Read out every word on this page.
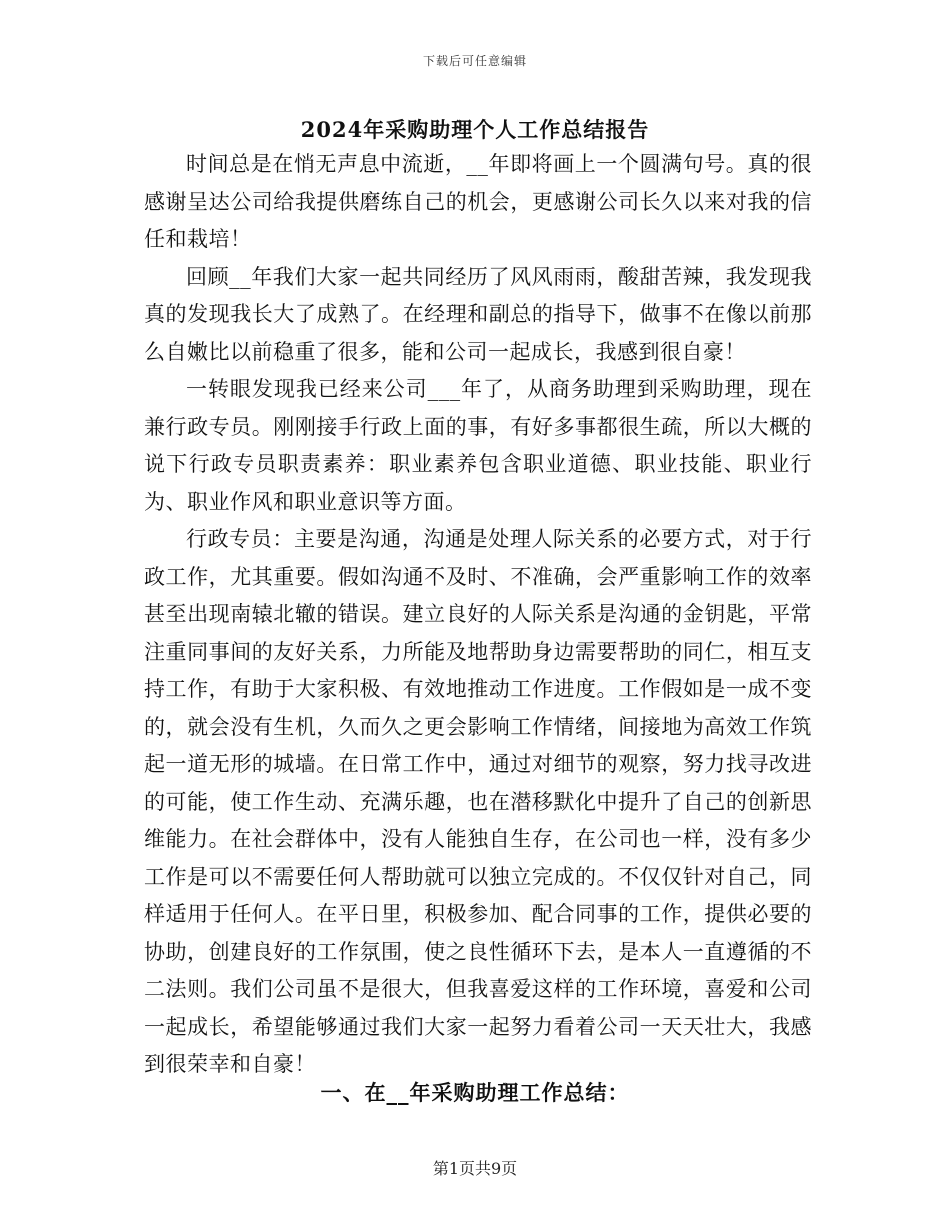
下载后可任意编辑
2024年采购助理个人工作总结报告

时间总是在悄无声息中流逝，__年即将画上一个圆满句号。真的很感谢呈达公司给我提供磨练自己的机会，更感谢公司长久以来对我的信任和栽培！

回顾__年我们大家一起共同经历了风风雨雨，酸甜苦辣，我发现我真的发现我长大了成熟了。在经理和副总的指导下，做事不在像以前那么自嫩比以前稳重了很多，能和公司一起成长，我感到很自豪！

一转眼发现我已经来公司___年了，从商务助理到采购助理，现在兼行政专员。刚刚接手行政上面的事，有好多事都很生疏，所以大概的说下行政专员职责素养：职业素养包含职业道德、职业技能、职业行为、职业作风和职业意识等方面。

行政专员：主要是沟通，沟通是处理人际关系的必要方式，对于行政工作，尤其重要。假如沟通不及时、不准确，会严重影响工作的效率甚至出现南辕北辙的错误。建立良好的人际关系是沟通的金钥匙，平常注重同事间的友好关系，力所能及地帮助身边需要帮助的同仁，相互支持工作，有助于大家积极、有效地推动工作进度。工作假如是一成不变的，就会没有生机，久而久之更会影响工作情绪，间接地为高效工作筑起一道无形的城墙。在日常工作中，通过对细节的观察，努力找寻改进的可能，使工作生动、充满乐趣，也在潜移默化中提升了自己的创新思维能力。在社会群体中，没有人能独自生存，在公司也一样，没有多少工作是可以不需要任何人帮助就可以独立完成的。不仅仅针对自己，同样适用于任何人。在平日里，积极参加、配合同事的工作，提供必要的协助，创建良好的工作氛围，使之良性循环下去，是本人一直遵循的不二法则。我们公司虽不是很大，但我喜爱这样的工作环境，喜爱和公司一起成长，希望能够通过我们大家一起努力看着公司一天天壮大，我感到很荣幸和自豪！

一、在__年采购助理工作总结：
第1页共9页
